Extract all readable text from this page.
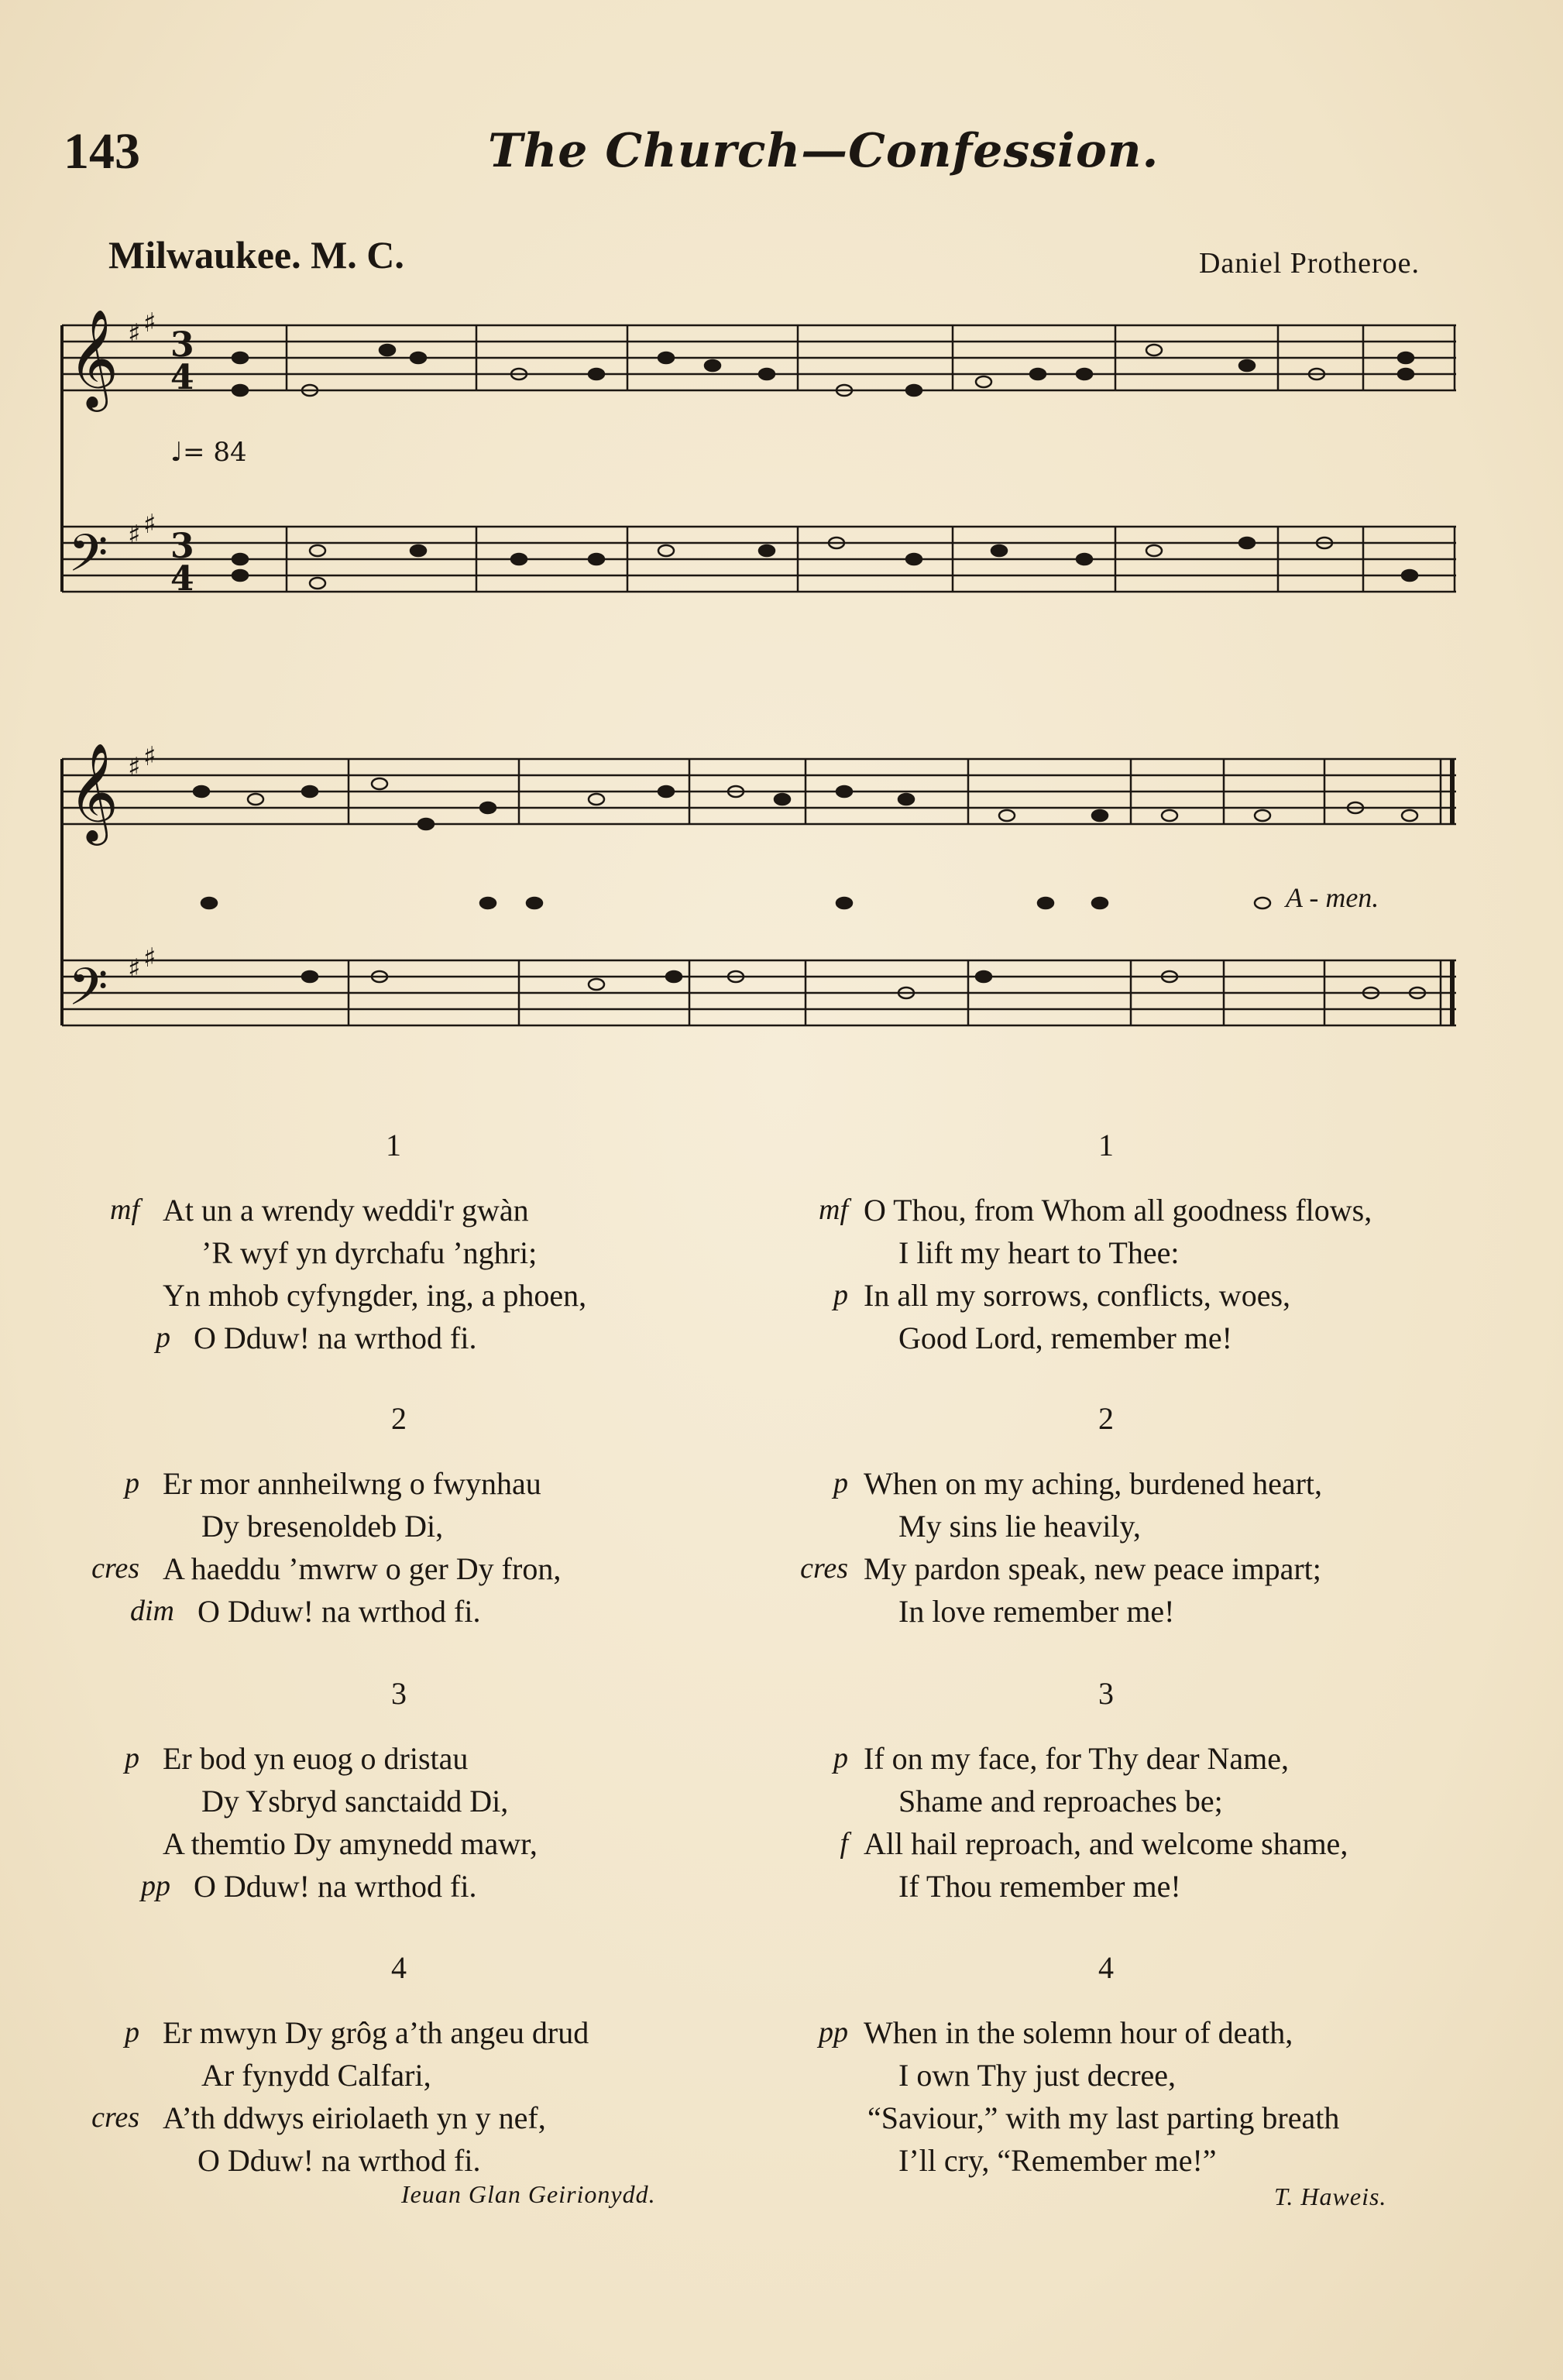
143	The Church—Confession.
Milwaukee. M. C.	Daniel Protheroe.
𝄞
𝄢
♯ ♯
♯ ♯
3
4
3
4
♩= 84
𝄞
𝄢
♯ ♯
♯ ♯
A - men.
1
mf At un a wrendy weddi'r gwàn
’R wyf yn dyrchafu ’nghri;
Yn mhob cyfyngder, ing, a phoen,
p O Dduw! na wrthod fi.
2
p Er mor annheilwng o fwynhau
Dy bresenoldeb Di,
cres A haeddu ’mwrw o ger Dy fron,
dim O Dduw! na wrthod fi.
3
p Er bod yn euog o dristau
Dy Ysbryd sanctaidd Di,
A themtio Dy amynedd mawr,
pp O Dduw! na wrthod fi.
4
p Er mwyn Dy grôg a’th angeu drud
Ar fynydd Calfari,
cres A’th ddwys eiriolaeth yn y nef,
O Dduw! na wrthod fi.
Ieuan Glan Geirionydd.
1
mf O Thou, from Whom all goodness flows,
I lift my heart to Thee:
p In all my sorrows, conflicts, woes,
Good Lord, remember me!
2
p When on my aching, burdened heart,
My sins lie heavily,
cres My pardon speak, new peace impart;
In love remember me!
3
p If on my face, for Thy dear Name,
Shame and reproaches be;
f All hail reproach, and welcome shame,
If Thou remember me!
4
pp When in the solemn hour of death,
I own Thy just decree,
“Saviour,” with my last parting breath
I’ll cry, “Remember me!”
T. Haweis.
